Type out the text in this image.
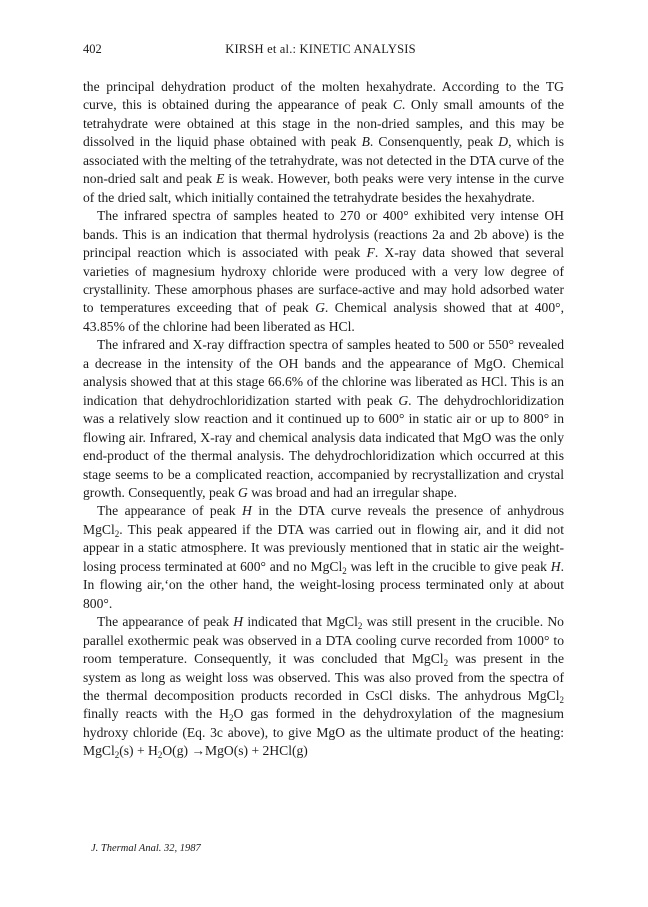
402	KIRSH et al.: KINETIC ANALYSIS

the principal dehydration product of the molten hexahydrate. According to the TG curve, this is obtained during the appearance of peak C. Only small amounts of the tetrahydrate were obtained at this stage in the non-dried samples, and this may be dissolved in the liquid phase obtained with peak B. Consenquently, peak D, which is associated with the melting of the tetrahydrate, was not detected in the DTA curve of the non-dried salt and peak E is weak. However, both peaks were very intense in the curve of the dried salt, which initially contained the tetrahydrate besides the hexahydrate.

The infrared spectra of samples heated to 270 or 400° exhibited very intense OH bands. This is an indication that thermal hydrolysis (reactions 2a and 2b above) is the principal reaction which is associated with peak F. X-ray data showed that several varieties of magnesium hydroxy chloride were produced with a very low degree of crystallinity. These amorphous phases are surface-active and may hold adsorbed water to temperatures exceeding that of peak G. Chemical analysis showed that at 400°, 43.85% of the chlorine had been liberated as HCl.

The infrared and X-ray diffraction spectra of samples heated to 500 or 550° revealed a decrease in the intensity of the OH bands and the appearance of MgO. Chemical analysis showed that at this stage 66.6% of the chlorine was liberated as HCl. This is an indication that dehydrochloridization started with peak G. The dehydrochloridization was a relatively slow reaction and it continued up to 600° in static air or up to 800° in flowing air. Infrared, X-ray and chemical analysis data indicated that MgO was the only end-product of the thermal analysis. The dehydrochloridization which occurred at this stage seems to be a complicated reaction, accompanied by recrystallization and crystal growth. Consequently, peak G was broad and had an irregular shape.

The appearance of peak H in the DTA curve reveals the presence of anhydrous MgCl$_2$. This peak appeared if the DTA was carried out in flowing air, and it did not appear in a static atmosphere. It was previously mentioned that in static air the weight-losing process terminated at 600° and no MgCl$_2$ was left in the crucible to give peak H. In flowing air,‘on the other hand, the weight-losing process terminated only at about 800°.

The appearance of peak H indicated that MgCl$_2$ was still present in the crucible. No parallel exothermic peak was observed in a DTA cooling curve recorded from 1000° to room temperature. Consequently, it was concluded that MgCl$_2$ was present in the system as long as weight loss was observed. This was also proved from the spectra of the thermal decomposition products recorded in CsCl disks. The anhydrous MgCl$_2$ finally reacts with the $H_2O$ gas formed in the dehydroxylation of the magnesium hydroxy chloride (Eq. 3c above), to give MgO as the ultimate product of the heating: MgCl$_2$(s) + $H_2O(g) \to MgO(s) + 2HCl(g)$

J. Thermal Anal. 32, 1987
